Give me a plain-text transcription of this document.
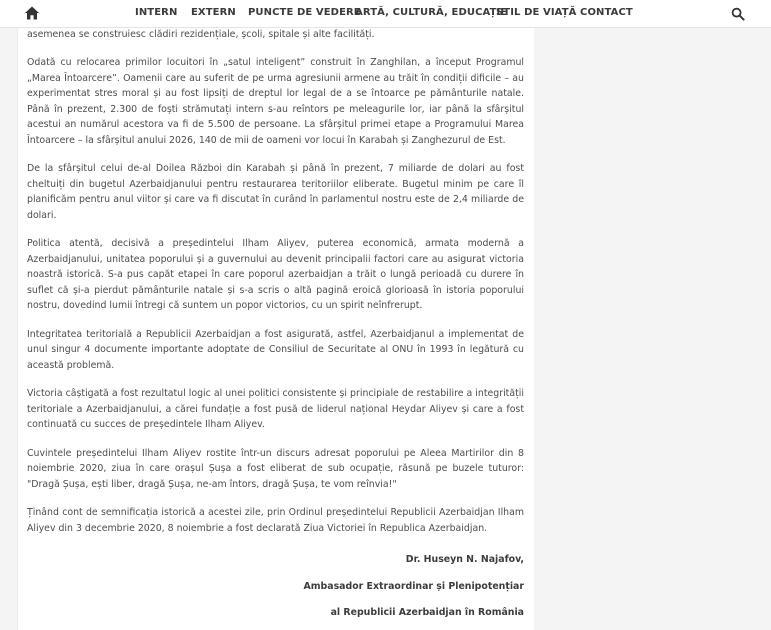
INTERN EXTERN PUNCTE DE VEDERE
ARTĂ, CULTURĂ, EDUCAȚIE
STIL DE VIAȚĂ CONTACT

asemenea se construiesc clădiri rezidențiale, școli, spitale și alte facilități.

Odată cu relocarea primilor locuitori în „satul inteligent” construit în Zanghilan, a început Programul „Marea Întoarcere”. Oamenii care au suferit de pe urma agresiunii armene au trăit în condiții dificile – au experimentat stres moral și au fost lipsiți de dreptul lor legal de a se întoarce pe pământurile natale. Până în prezent, 2.300 de foști strămutați intern s-au reîntors pe meleagurile lor, iar până la sfârșitul acestui an numărul acestora va fi de 5.500 de persoane. La sfârșitul primei etape a Programului Marea Întoarcere – la sfârșitul anului 2026, 140 de mii de oameni vor locui în Karabah și Zanghezurul de Est.

De la sfârșitul celui de-al Doilea Război din Karabah și până în prezent, 7 miliarde de dolari au fost cheltuiți din bugetul Azerbaidjanului pentru restaurarea teritoriilor eliberate. Bugetul minim pe care îl planificăm pentru anul viitor și care va fi discutat în curând în parlamentul nostru este de 2,4 miliarde de dolari.

Politica atentă, decisivă a președintelui Ilham Aliyev, puterea economică, armata modernă a Azerbaidjanului, unitatea poporului și a guvernului au devenit principalii factori care au asigurat victoria noastră istorică. S-a pus capăt etapei în care poporul azerbaidjan a trăit o lungă perioadă cu durere în suflet că și-a pierdut pământurile natale și s-a scris o altă pagină eroică glorioasă în istoria poporului nostru, dovedind lumii întregi că suntem un popor victorios, cu un spirit neînfrerupt.

Integritatea teritorială a Republicii Azerbaidjan a fost asigurată, astfel, Azerbaidjanul a implementat de unul singur 4 documente importante adoptate de Consiliul de Securitate al ONU în 1993 în legătură cu această problemă.

Victoria câștigată a fost rezultatul logic al unei politici consistente și principiale de restabilire a integrității teritoriale a Azerbaidjanului, a cărei fundație a fost pusă de liderul național Heydar Aliyev și care a fost continuată cu succes de președintele Ilham Aliyev.

Cuvintele președintelui Ilham Aliyev rostite într-un discurs adresat poporului pe Aleea Martirilor din 8 noiembrie 2020, ziua în care orașul Șușa a fost eliberat de sub ocupație, răsună pe buzele tuturor: "Dragă Șușa, ești liber, dragă Șușa, ne-am întors, dragă Șușa, te vom reînvia!"

Ținând cont de semnificația istorică a acestei zile, prin Ordinul președintelui Republicii Azerbaidjan Ilham Aliyev din 3 decembrie 2020, 8 noiembrie a fost declarată Ziua Victoriei în Republica Azerbaidjan.

Dr. Huseyn N. Najafov,
Ambasador Extraordinar și Plenipotențiar
al Republicii Azerbaidjan în România
